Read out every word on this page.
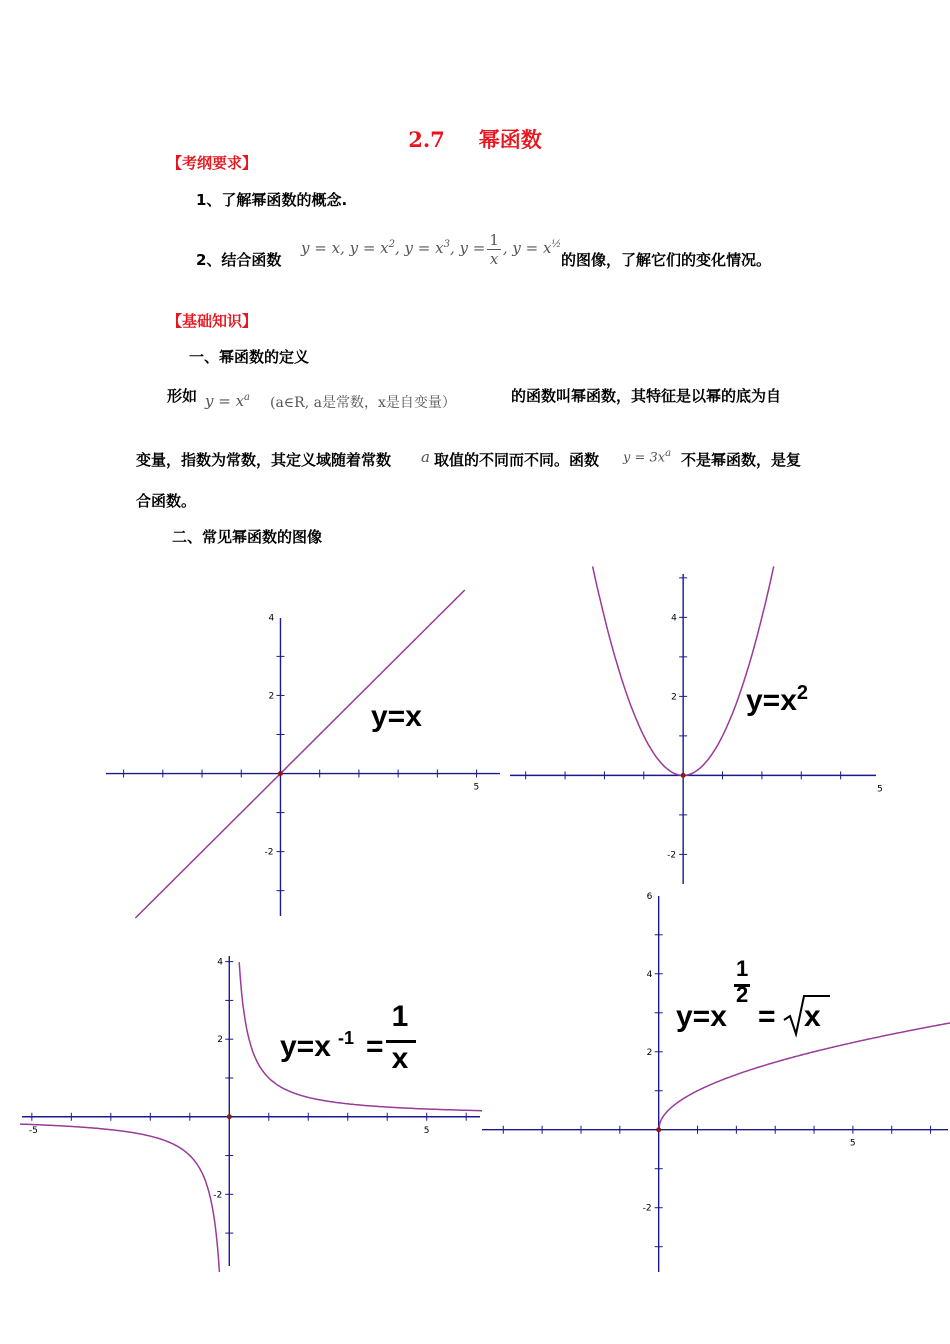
2.7 幂函数
【考纲要求】
1、了解幂函数的概念.
2、结合函数
y = x, $y = x^2$, $y = x^3$, $y = \frac{1}{x}$ , $y = x^{\frac{1}{2}}$
的图像，了解它们的变化情况。
【基础知识】
一、幂函数的定义
形如 $y = x^a$ (a∈R, a是常数，x是自变量）	的函数叫幂函数，其特征是以幂的底为自
变量，指数为常数，其定义域随着常数 a 取值的不同而不同。函数 $y = 3x^a$ 不是幂函数，是复
合函数。
二、常见幂函数的图像
5
4
2
-2
y=x
5
4
2
-2
$y=x^2$
-5	5
4
2
-2
y=x -1 =
1
x
5
6
4
2
-2
y=x
1
2
= x
